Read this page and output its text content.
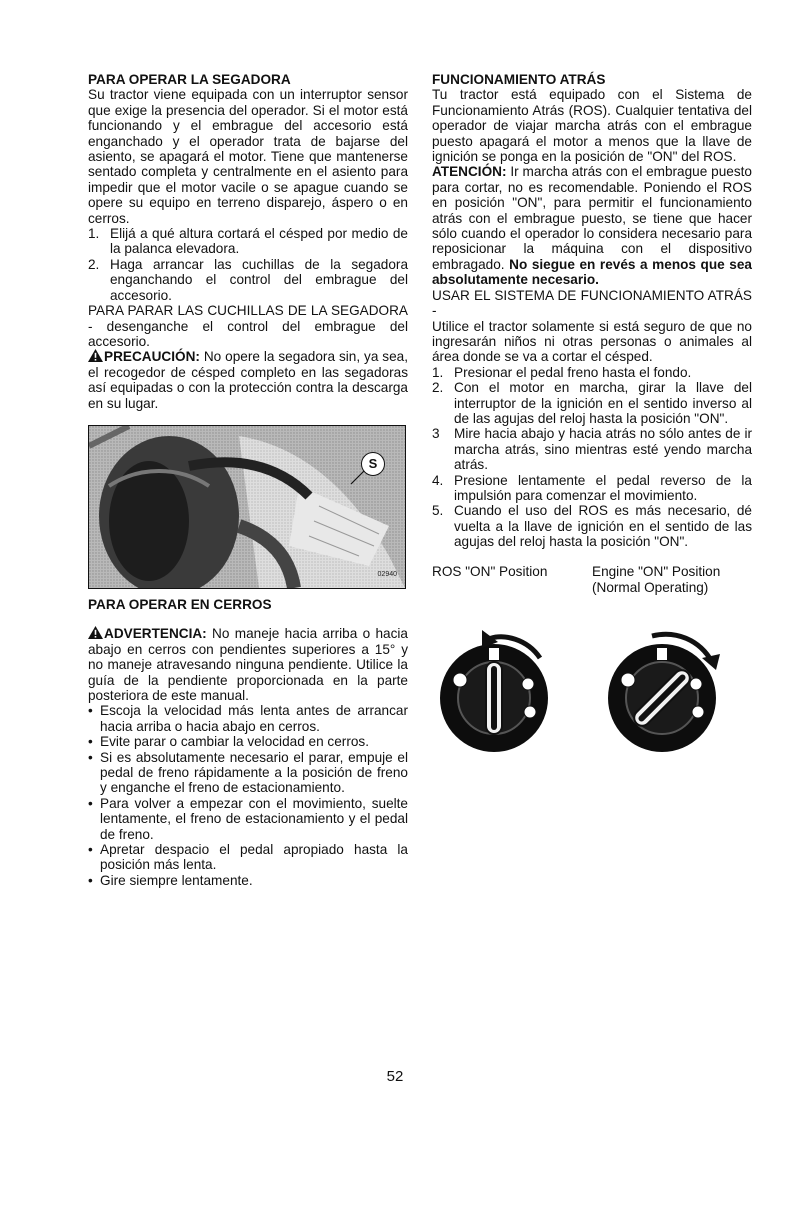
PARA OPERAR LA SEGADORA

Su tractor viene equipada con un interruptor sensor que exige la presencia del operador. Si el motor está funcionando y el embrague del accesorio está enganchado y el operador trata de bajarse del asiento, se apagará el motor. Tiene que mantenerse sentado completa y centralmente en el asiento para impedir que el motor vacile o se apague cuando se opere su equipo en terreno disparejo, áspero o en cerros.

1. Elijá a qué altura cortará el césped por medio de la palanca elevadora.
2. Haga arrancar las cuchillas de la segadora enganchando el control del embrague del accesorio.

PARA PARAR LAS CUCHILLAS DE LA SEGADORA - desenganche el control del embrague del accesorio.

PRECAUCIÓN: No opere la segadora sin, ya sea, el recogedor de césped completo en las segadoras así equipadas o con la protección contra la descarga en su lugar.

S
02940
PARA OPERAR EN CERROS

ADVERTENCIA: No maneje hacia arriba o hacia abajo en cerros con pendientes superiores a 15° y no maneje atravesando ninguna pendiente. Utilice la guía de la pendiente proporcionada en la parte posteriora de este manual.

• Escoja la velocidad más lenta antes de arrancar hacia arriba o hacia abajo en cerros.
• Evite parar o cambiar la velocidad en cerros.
• Si es absolutamente necesario el parar, empuje el pedal de freno rápidamente a la posición de freno y enganche el freno de estacionamiento.
• Para volver a empezar con el movimiento, suelte lentamente, el freno de estacionamiento y el pedal de freno.
• Apretar despacio el pedal apropiado hasta la posición más lenta.
• Gire siempre lentamente.
FUNCIONAMIENTO ATRÁS

Tu tractor está equipado con el Sistema de Funcionamiento Atrás (ROS). Cualquier tentativa del operador de viajar marcha atrás con el embrague puesto apagará el motor a menos que la llave de ignición se ponga en la posición de "ON" del ROS.

ATENCIÓN: Ir marcha atrás con el embrague puesto para cortar, no es recomendable. Poniendo el ROS en posición "ON", para permitir el funcionamiento atrás con el embrague puesto, se tiene que hacer sólo cuando el operador lo considera necesario para reposicionar la máquina con el dispositivo embragado. No siegue en revés a menos que sea absolutamente necesario.

USAR EL SISTEMA DE FUNCIONAMIENTO ATRÁS -

Utilice el tractor solamente si está seguro de que no ingresarán niños ni otras personas o animales al área donde se va a cortar el césped.

1. Presionar el pedal freno hasta el fondo.
2. Con el motor en marcha, girar la llave del interruptor de la ignición en el sentido inverso al de las agujas del reloj hasta la posición "ON".
3	Mire hacia abajo y hacia atrás no sólo antes de ir marcha atrás, sino mientras esté yendo marcha atrás.
4. Presione lentamente el pedal reverso de la impulsión para comenzar el movimiento.
5. Cuando el uso del ROS es más necesario, dé vuelta a la llave de ignición en el sentido de las agujas del reloj hasta la posición "ON".
ROS "ON" Position	Engine "ON" Position (Normal Operating)
52
